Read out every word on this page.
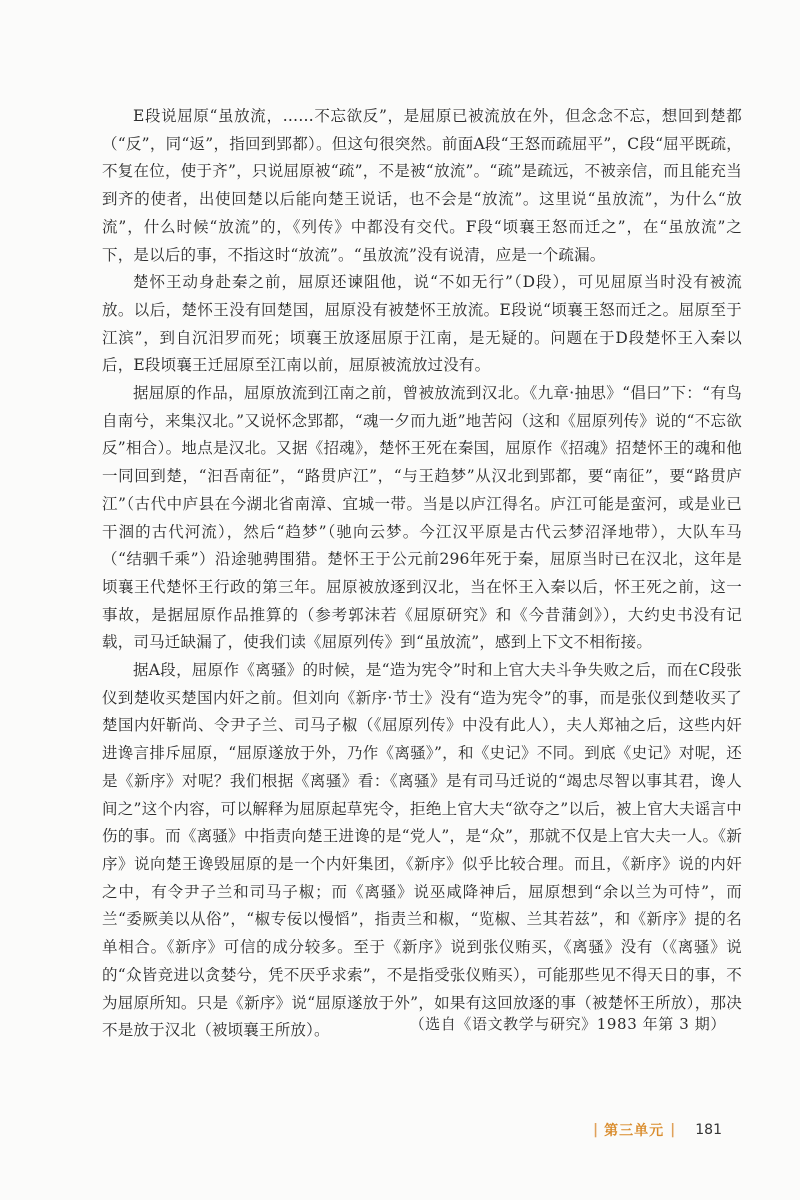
E段说屈原“虽放流，……不忘欲反”，是屈原已被流放在外，但念念不忘，想回到楚都（“反”，同“返”，指回到郢都）。但这句很突然。前面A段“王怒而疏屈平”，C段“屈平既疏，不复在位，使于齐”，只说屈原被“疏”，不是被“放流”。“疏”是疏远，不被亲信，而且能充当到齐的使者，出使回楚以后能向楚王说话，也不会是“放流”。这里说“虽放流”，为什么“放流”，什么时候“放流”的，《列传》中都没有交代。F段“顷襄王怒而迁之”，在“虽放流”之下，是以后的事，不指这时“放流”。“虽放流”没有说清，应是一个疏漏。

楚怀王动身赴秦之前，屈原还谏阻他，说“不如无行”（D段），可见屈原当时没有被流放。以后，楚怀王没有回楚国，屈原没有被楚怀王放流。E段说“顷襄王怒而迁之。屈原至于江滨”，到自沉汨罗而死；顷襄王放逐屈原于江南，是无疑的。问题在于D段楚怀王入秦以后，E段顷襄王迁屈原至江南以前，屈原被流放过没有。

据屈原的作品，屈原放流到江南之前，曾被放流到汉北。《九章·抽思》“倡曰”下：“有鸟自南兮，来集汉北。”又说怀念郢都，“魂一夕而九逝”地苦闷（这和《屈原列传》说的“不忘欲反”相合）。地点是汉北。又据《招魂》，楚怀王死在秦国，屈原作《招魂》招楚怀王的魂和他一同回到楚，“汩吾南征”，“路贯庐江”，“与王趋梦”从汉北到郢都，要“南征”，要“路贯庐江”（古代中庐县在今湖北省南漳、宜城一带。当是以庐江得名。庐江可能是蛮河，或是业已干涸的古代河流），然后“趋梦”（驰向云梦。今江汉平原是古代云梦沼泽地带），大队车马（“结驷千乘”）沿途驰骋围猎。楚怀王于公元前296年死于秦，屈原当时已在汉北，这年是顷襄王代楚怀王行政的第三年。屈原被放逐到汉北，当在怀王入秦以后，怀王死之前，这一事故，是据屈原作品推算的（参考郭沫若《屈原研究》和《今昔蒲剑》），大约史书没有记载，司马迁缺漏了，使我们读《屈原列传》到“虽放流”，感到上下文不相衔接。

据A段，屈原作《离骚》的时候，是“造为宪令”时和上官大夫斗争失败之后，而在C段张仪到楚收买楚国内奸之前。但刘向《新序·节士》没有“造为宪令”的事，而是张仪到楚收买了楚国内奸靳尚、令尹子兰、司马子椒（《屈原列传》中没有此人），夫人郑袖之后，这些内奸进谗言排斥屈原，“屈原遂放于外，乃作《离骚》”，和《史记》不同。到底《史记》对呢，还是《新序》对呢？我们根据《离骚》看：《离骚》是有司马迁说的“竭忠尽智以事其君，谗人间之”这个内容，可以解释为屈原起草宪令，拒绝上官大夫“欲夺之”以后，被上官大夫谣言中伤的事。而《离骚》中指责向楚王进谗的是“党人”，是“众”，那就不仅是上官大夫一人。《新序》说向楚王谗毁屈原的是一个内奸集团，《新序》似乎比较合理。而且，《新序》说的内奸之中，有令尹子兰和司马子椒；而《离骚》说巫咸降神后，屈原想到“余以兰为可恃”，而兰“委厥美以从俗”，“椒专佞以慢慆”，指责兰和椒，“览椒、兰其若兹”，和《新序》提的名单相合。《新序》可信的成分较多。至于《新序》说到张仪贿买，《离骚》没有（《离骚》说的“众皆竞进以贪婪兮，凭不厌乎求索”，不是指受张仪贿买），可能那些见不得天日的事，不为屈原所知。只是《新序》说“屈原遂放于外”，如果有这回放逐的事（被楚怀王所放），那决不是放于汉北（被顷襄王所放）。	（选自《语文教学与研究》1983 年第 3 期）

| 第三单元 | 181
